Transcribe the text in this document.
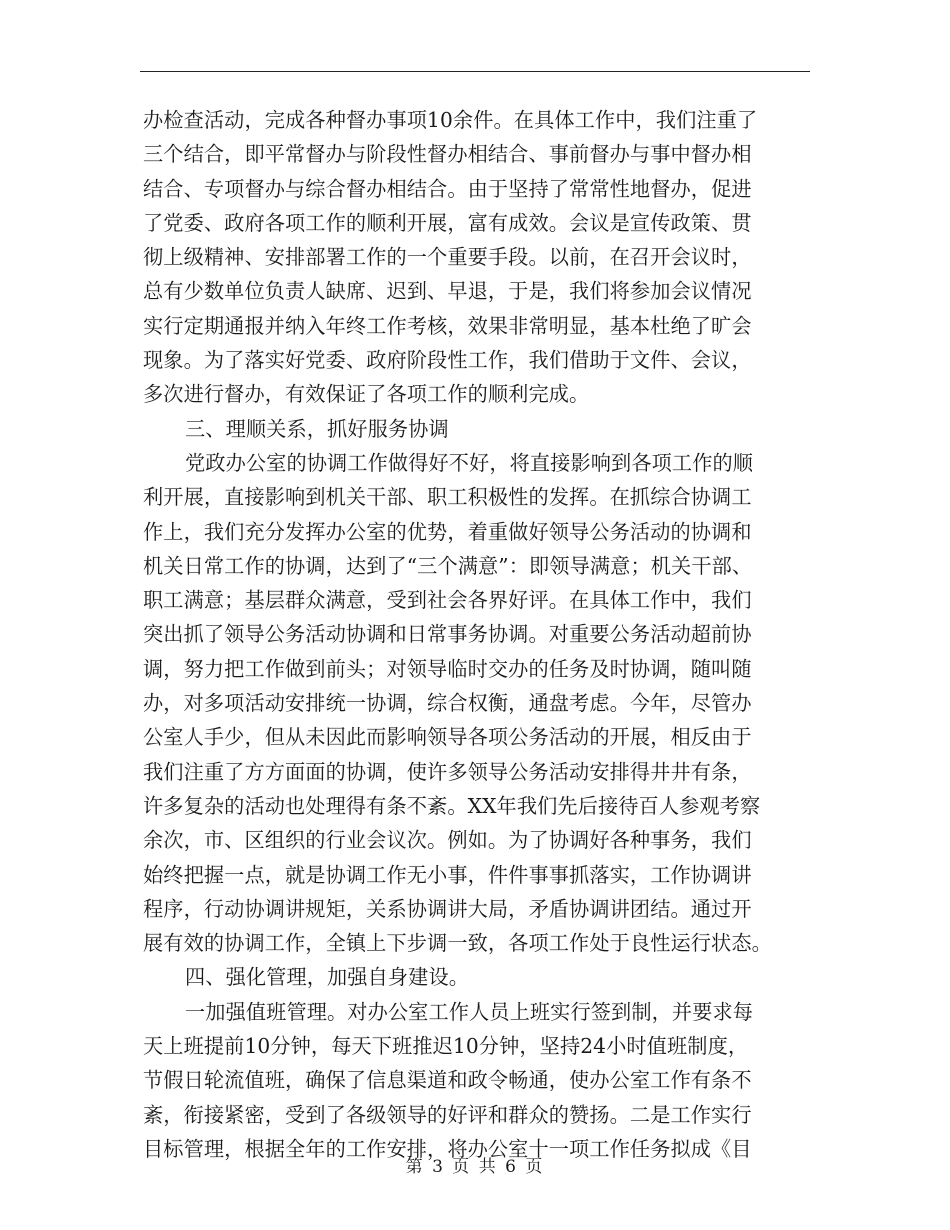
办检查活动，完成各种督办事项10余件。在具体工作中，我们注重了
三个结合，即平常督办与阶段性督办相结合、事前督办与事中督办相
结合、专项督办与综合督办相结合。由于坚持了常常性地督办，促进
了党委、政府各项工作的顺利开展，富有成效。会议是宣传政策、贯
彻上级精神、安排部署工作的一个重要手段。以前，在召开会议时，
总有少数单位负责人缺席、迟到、早退，于是，我们将参加会议情况
实行定期通报并纳入年终工作考核，效果非常明显，基本杜绝了旷会
现象。为了落实好党委、政府阶段性工作，我们借助于文件、会议，
多次进行督办，有效保证了各项工作的顺利完成。
三、理顺关系，抓好服务协调
党政办公室的协调工作做得好不好，将直接影响到各项工作的顺
利开展，直接影响到机关干部、职工积极性的发挥。在抓综合协调工
作上，我们充分发挥办公室的优势，着重做好领导公务活动的协调和
机关日常工作的协调，达到了“三个满意”：即领导满意；机关干部、
职工满意；基层群众满意，受到社会各界好评。在具体工作中，我们
突出抓了领导公务活动协调和日常事务协调。对重要公务活动超前协
调，努力把工作做到前头；对领导临时交办的任务及时协调，随叫随
办，对多项活动安排统一协调，综合权衡，通盘考虑。今年，尽管办
公室人手少，但从未因此而影响领导各项公务活动的开展，相反由于
我们注重了方方面面的协调，使许多领导公务活动安排得井井有条，
许多复杂的活动也处理得有条不紊。XX年我们先后接待百人参观考察
余次，市、区组织的行业会议次。例如。为了协调好各种事务，我们
始终把握一点，就是协调工作无小事，件件事事抓落实，工作协调讲
程序，行动协调讲规矩，关系协调讲大局，矛盾协调讲团结。通过开
展有效的协调工作，全镇上下步调一致，各项工作处于良性运行状态。
四、强化管理，加强自身建设。
一加强值班管理。对办公室工作人员上班实行签到制，并要求每
天上班提前10分钟，每天下班推迟10分钟，坚持24小时值班制度，
节假日轮流值班，确保了信息渠道和政令畅通，使办公室工作有条不
紊，衔接紧密，受到了各级领导的好评和群众的赞扬。二是工作实行
目标管理，根据全年的工作安排，将办公室十一项工作任务拟成《目
第 3 页 共 6 页
